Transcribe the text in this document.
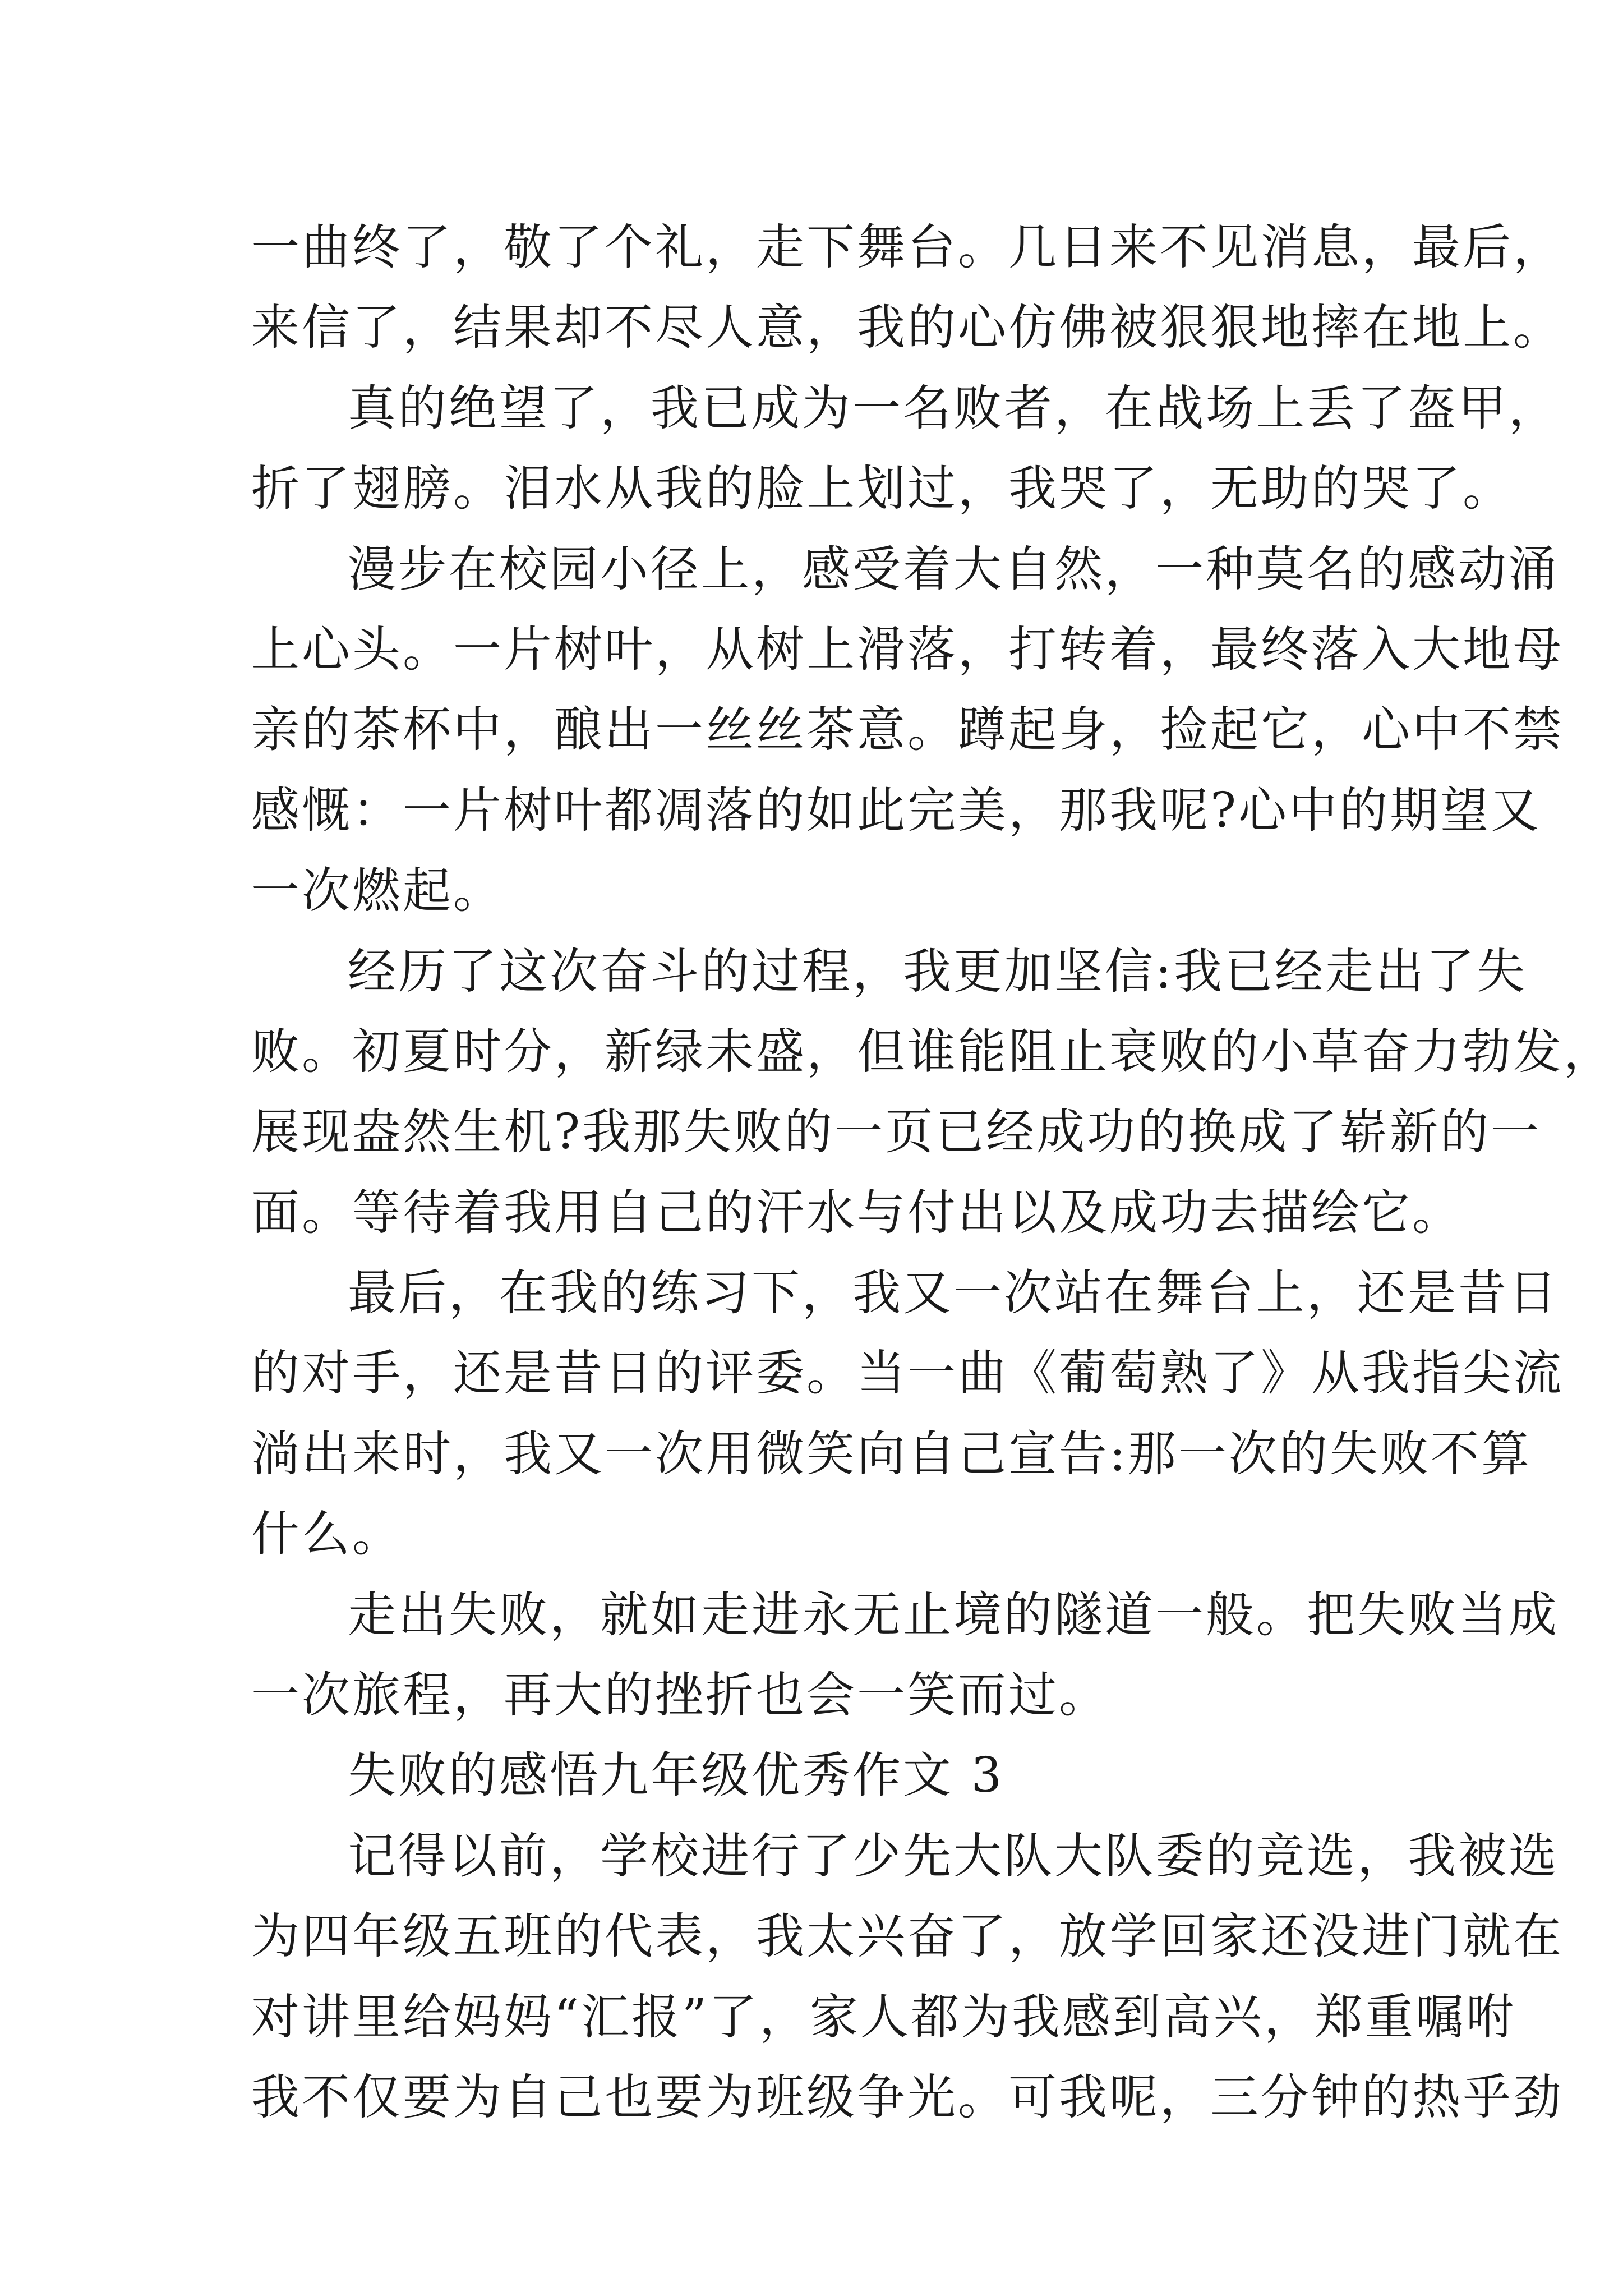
一曲终了，敬了个礼，走下舞台。几日来不见消息，最后，
来信了，结果却不尽人意，我的心仿佛被狠狠地摔在地上。
真的绝望了，我已成为一名败者，在战场上丢了盔甲，
折了翅膀。泪水从我的脸上划过，我哭了，无助的哭了。
漫步在校园小径上，感受着大自然，一种莫名的感动涌
上心头。一片树叶，从树上滑落，打转着，最终落入大地母
亲的茶杯中，酿出一丝丝茶意。蹲起身，捡起它，心中不禁
感慨：一片树叶都凋落的如此完美，那我呢?心中的期望又
一次燃起。
经历了这次奋斗的过程，我更加坚信:我已经走出了失
败。初夏时分，新绿未盛，但谁能阻止衰败的小草奋力勃发，
展现盎然生机?我那失败的一页已经成功的换成了崭新的一
面。等待着我用自己的汗水与付出以及成功去描绘它。
最后，在我的练习下，我又一次站在舞台上，还是昔日
的对手，还是昔日的评委。当一曲《葡萄熟了》从我指尖流
淌出来时，我又一次用微笑向自己宣告:那一次的失败不算
什么。
走出失败，就如走进永无止境的隧道一般。把失败当成
一次旅程，再大的挫折也会一笑而过。
失败的感悟九年级优秀作文 3
记得以前，学校进行了少先大队大队委的竞选，我被选
为四年级五班的代表，我太兴奋了，放学回家还没进门就在
对讲里给妈妈“汇报”了，家人都为我感到高兴，郑重嘱咐
我不仅要为自己也要为班级争光。可我呢，三分钟的热乎劲
